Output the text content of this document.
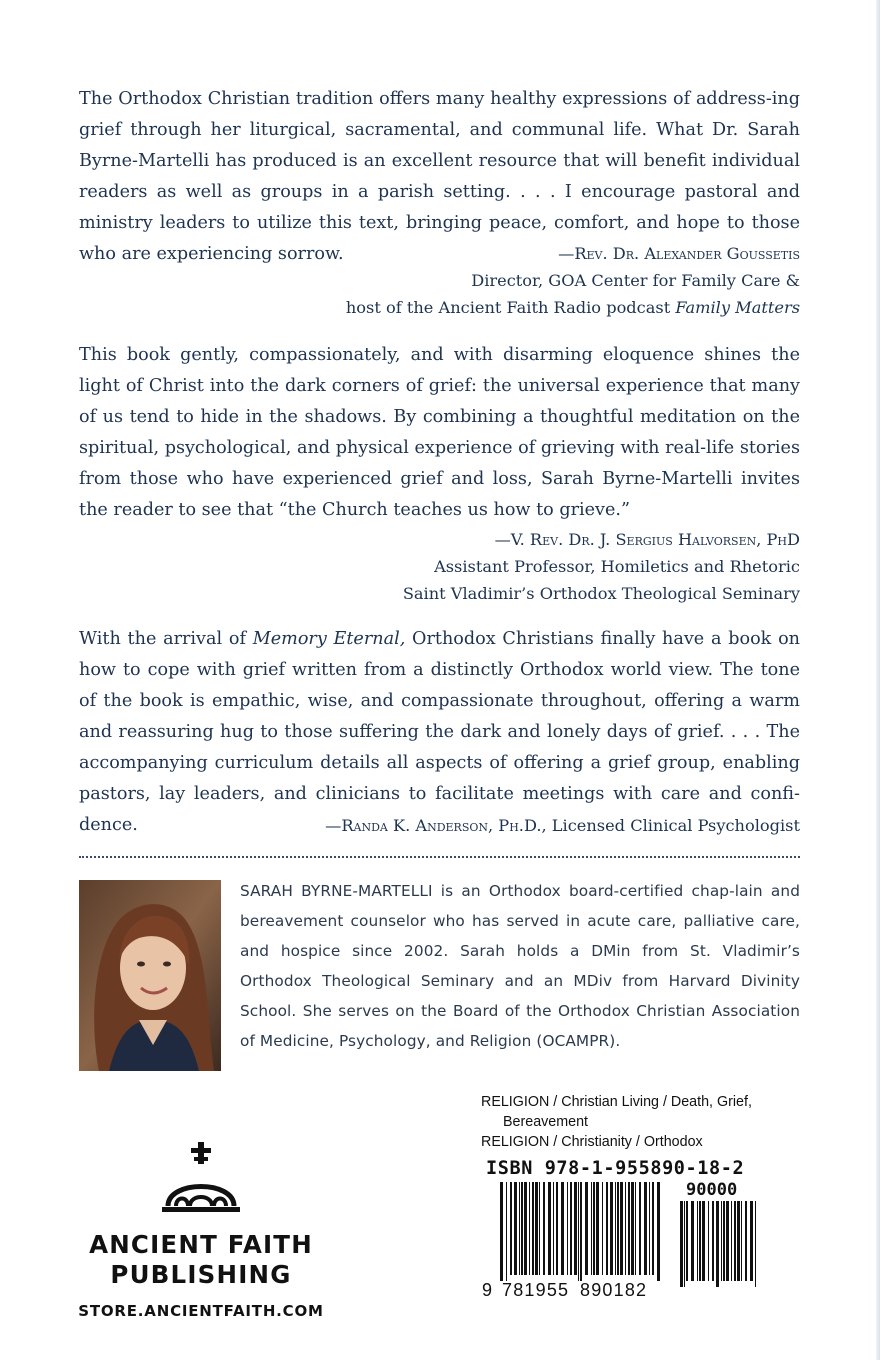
The Orthodox Christian tradition offers many healthy expressions of address-ing grief through her liturgical, sacramental, and communal life. What Dr. Sarah Byrne-Martelli has produced is an excellent resource that will benefit individual readers as well as groups in a parish setting. . . . I encourage pastoral and ministry leaders to utilize this text, bringing peace, comfort, and hope to those who are experiencing sorrow.	—Rev. Dr. Alexander Goussetis
Director, GOA Center for Family Care &
host of the Ancient Faith Radio podcast Family Matters

This book gently, compassionately, and with disarming eloquence shines the light of Christ into the dark corners of grief: the universal experience that many of us tend to hide in the shadows. By combining a thoughtful meditation on the spiritual, psychological, and physical experience of grieving with real-life stories from those who have experienced grief and loss, Sarah Byrne-Martelli invites the reader to see that “the Church teaches us how to grieve.”

—V. Rev. Dr. J. Sergius Halvorsen, PhD
Assistant Professor, Homiletics and Rhetoric
Saint Vladimir’s Orthodox Theological Seminary

With the arrival of Memory Eternal, Orthodox Christians finally have a book on how to cope with grief written from a distinctly Orthodox world view. The tone of the book is empathic, wise, and compassionate throughout, offering a warm and reassuring hug to those suffering the dark and lonely days of grief. . . . The accompanying curriculum details all aspects of offering a grief group, enabling pastors, lay leaders, and clinicians to facilitate meetings with care and confi-dence.	—Randa K. Anderson, Ph.D., Licensed Clinical Psychologist

SARAH BYRNE-MARTELLI is an Orthodox board-certified chap-lain and bereavement counselor who has served in acute care, palliative care, and hospice since 2002. Sarah holds a DMin from St. Vladimir’s Orthodox Theological Seminary and an MDiv from Harvard Divinity School. She serves on the Board of the Orthodox Christian Association of Medicine, Psychology, and Religion (OCAMPR).
RELIGION / Christian Living / Death, Grief,
Bereavement
RELIGION / Christianity / Orthodox
ISBN 978-1-955890-18-2
90000
9 781955 890182
ANCIENT FAITH
PUBLISHING
STORE.ANCIENTFAITH.COM
